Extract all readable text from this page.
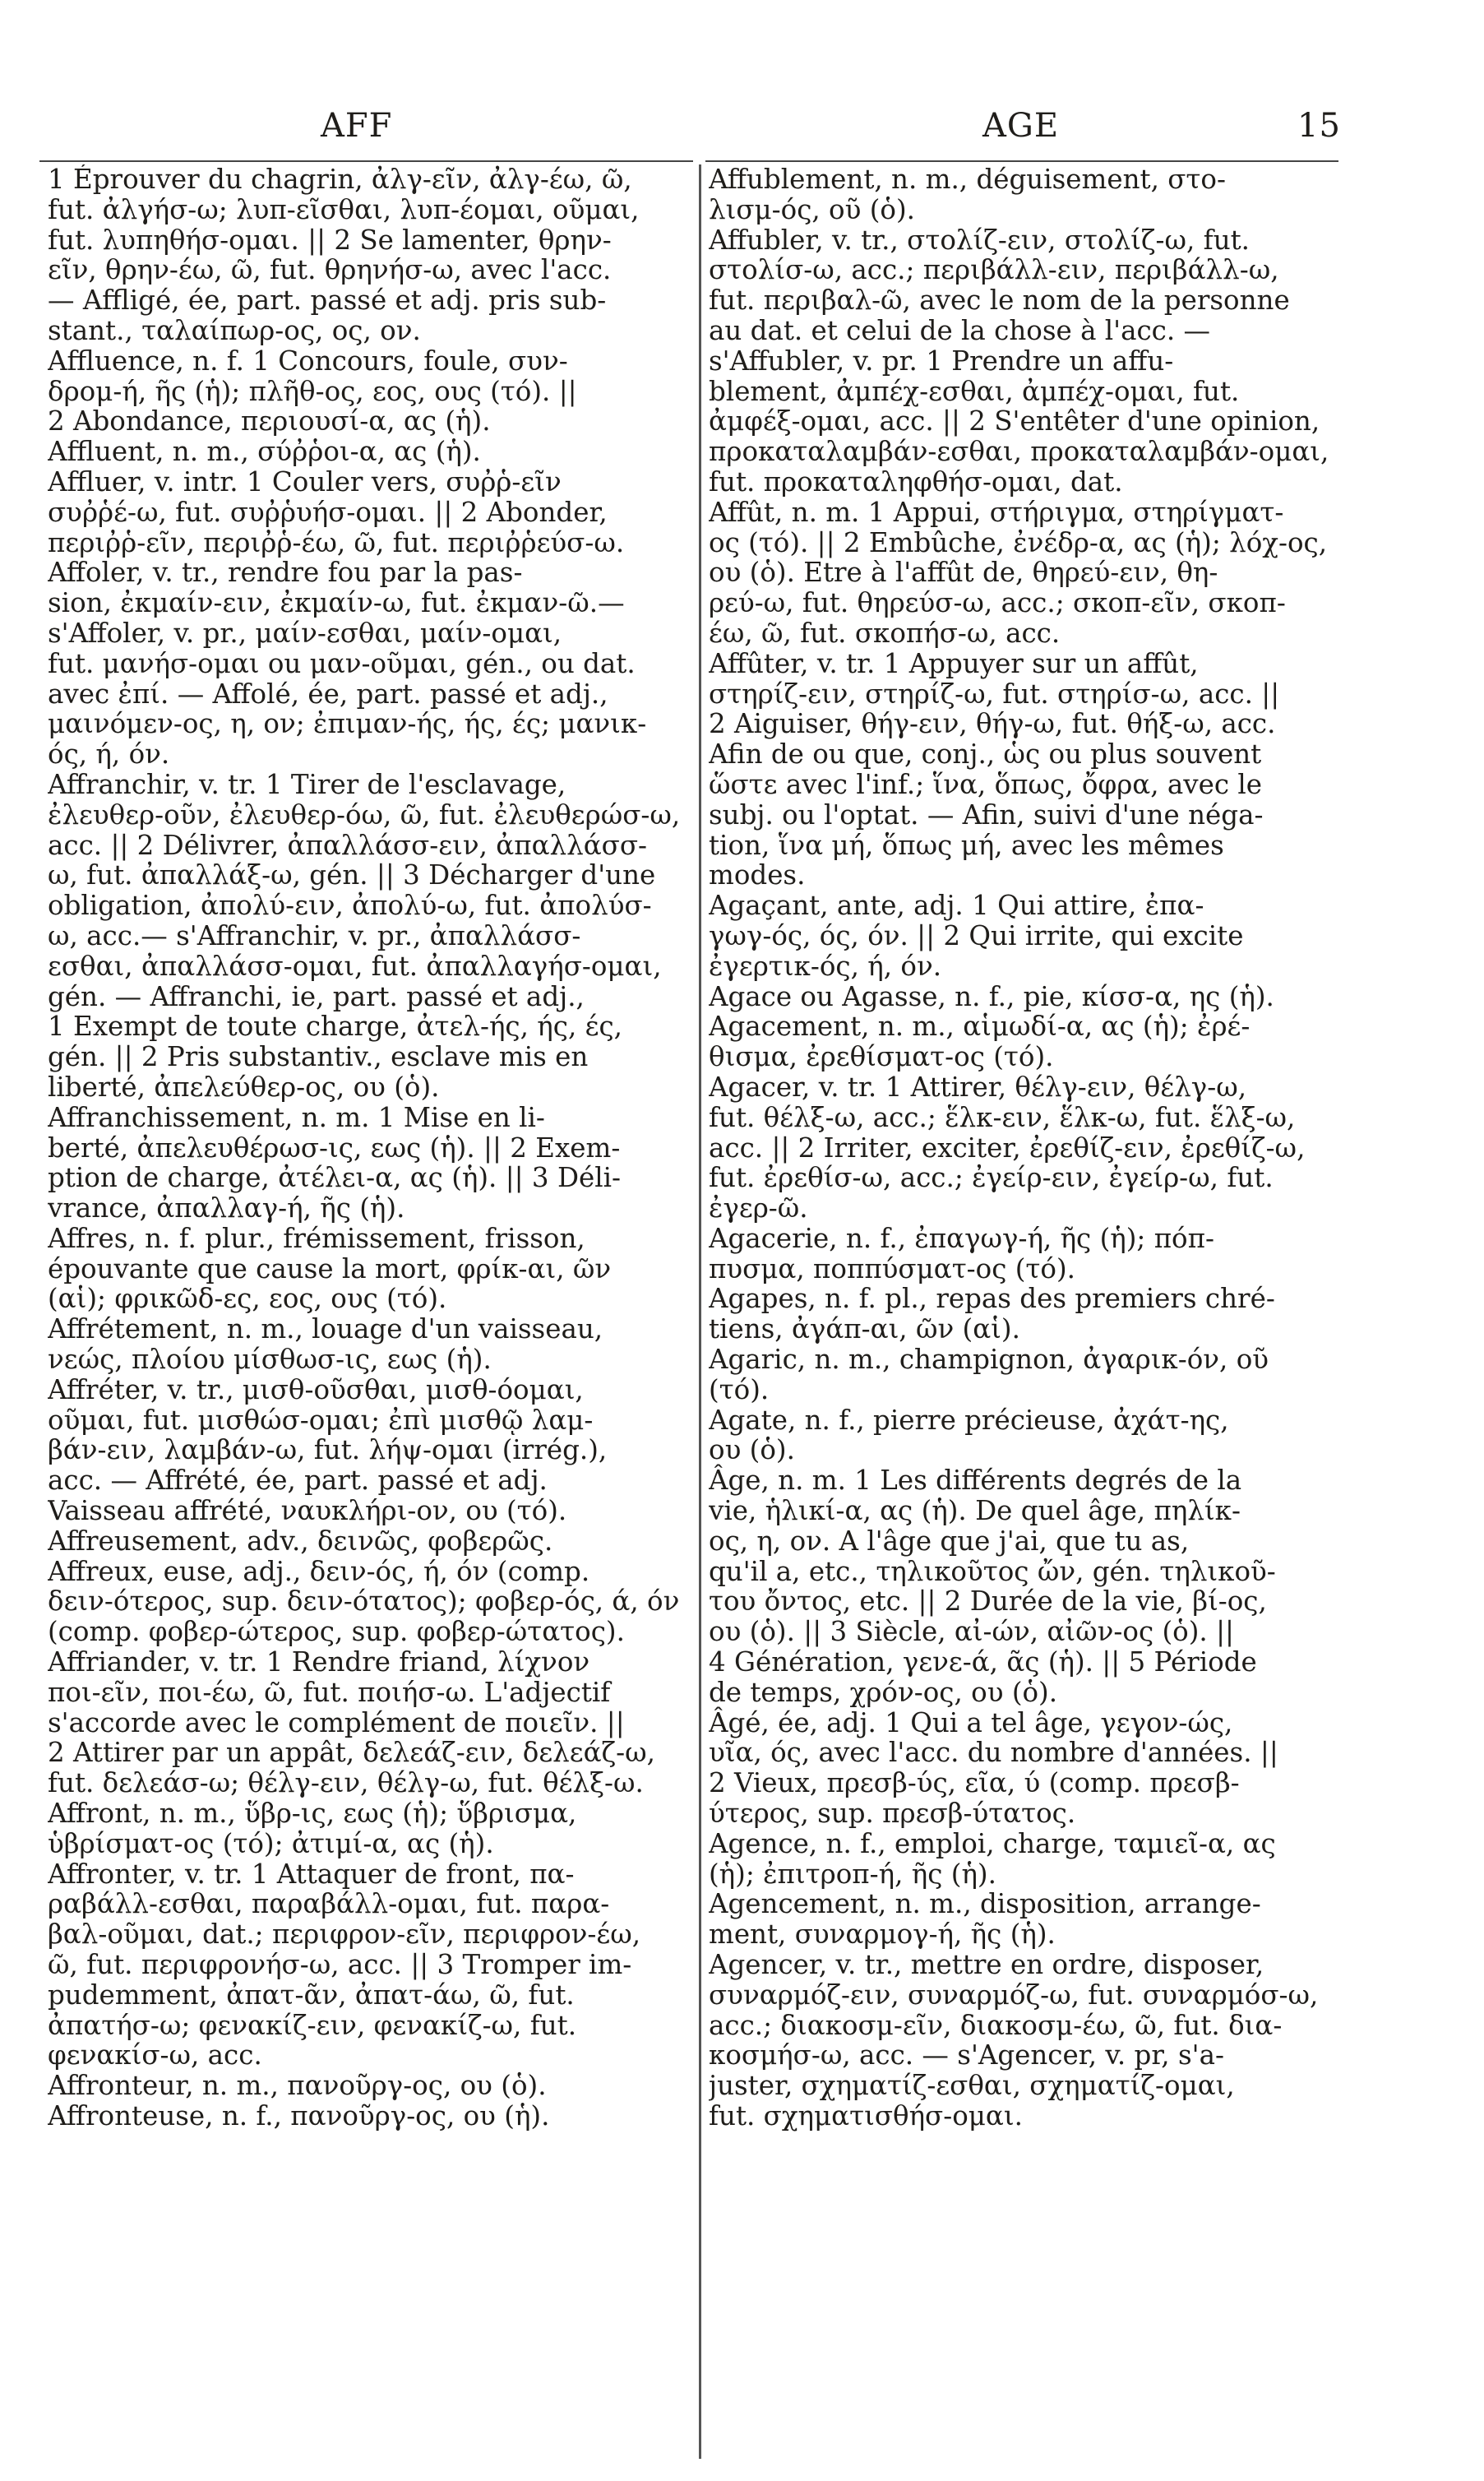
AFF	AGE	15
1 Éprouver du chagrin, ἀλγ-εῖν, ἀλγ-έω, ῶ,
fut. ἀλγήσ-ω; λυπ-εῖσθαι, λυπ-έομαι, οῦμαι,
fut. λυπηθήσ-ομαι. || 2 Se lamenter, θρην-
εῖν, θρην-έω, ῶ, fut. θρηνήσ-ω, avec l'acc.
— Affligé, ée, part. passé et adj. pris sub-
stant., ταλαίπωρ-ος, ος, ον.
Affluence, n. f. 1 Concours, foule, συν-
δρομ-ή, ῆς (ἡ); πλῆθ-ος, εος, ους (τό). ||
2 Abondance, περιουσί-α, ας (ἡ).
Affluent, n. m., σύῤῥοι-α, ας (ἡ).
Affluer, v. intr. 1 Couler vers, συῤῥ-εῖν
συῤῥέ-ω, fut. συῤῥυήσ-ομαι. || 2 Abonder,
περιῤῥ-εῖν, περιῤῥ-έω, ῶ, fut. περιῤῥεύσ-ω.
Affoler, v. tr., rendre fou par la pas-
sion, ἐκμαίν-ειν, ἐκμαίν-ω, fut. ἐκμαν-ῶ.—
s'Affoler, v. pr., μαίν-εσθαι, μαίν-ομαι,
fut. μανήσ-ομαι ou μαν-οῦμαι, gén., ou dat.
avec ἐπί. — Affolé, ée, part. passé et adj.,
μαινόμεν-ος, η, ον; ἐπιμαν-ής, ής, ές; μανικ-
ός, ή, όν.
Affranchir, v. tr. 1 Tirer de l'esclavage,
ἐλευθερ-οῦν, ἐλευθερ-όω, ῶ, fut. ἐλευθερώσ-ω,
acc. || 2 Délivrer, ἀπαλλάσσ-ειν, ἀπαλλάσσ-
ω, fut. ἀπαλλάξ-ω, gén. || 3 Décharger d'une
obligation, ἀπολύ-ειν, ἀπολύ-ω, fut. ἀπολύσ-
ω, acc.— s'Affranchir, v. pr., ἀπαλλάσσ-
εσθαι, ἀπαλλάσσ-ομαι, fut. ἀπαλλαγήσ-ομαι,
gén. — Affranchi, ie, part. passé et adj.,
1 Exempt de toute charge, ἀτελ-ής, ής, ές,
gén. || 2 Pris substantiv., esclave mis en
liberté, ἀπελεύθερ-ος, ου (ὁ).
Affranchissement, n. m. 1 Mise en li-
berté, ἀπελευθέρωσ-ις, εως (ἡ). || 2 Exem-
ption de charge, ἀτέλει-α, ας (ἡ). || 3 Déli-
vrance, ἀπαλλαγ-ή, ῆς (ἡ).
Affres, n. f. plur., frémissement, frisson,
épouvante que cause la mort, φρίκ-αι, ῶν
(αἱ); φρικῶδ-ες, εος, ους (τό).
Affrétement, n. m., louage d'un vaisseau,
νεώς, πλοίου μίσθωσ-ις, εως (ἡ).
Affréter, v. tr., μισθ-οῦσθαι, μισθ-όομαι,
οῦμαι, fut. μισθώσ-ομαι; ἐπὶ μισθῷ λαμ-
βάν-ειν, λαμβάν-ω, fut. λήψ-ομαι (irrég.),
acc. — Affrété, ée, part. passé et adj.
Vaisseau affrété, ναυκλήρι-ον, ου (τό).
Affreusement, adv., δεινῶς, φοβερῶς.
Affreux, euse, adj., δειν-ός, ή, όν (comp.
δειν-ότερος, sup. δειν-ότατος); φοβερ-ός, ά, όν
(comp. φοβερ-ώτερος, sup. φοβερ-ώτατος).
Affriander, v. tr. 1 Rendre friand, λίχνον
ποι-εῖν, ποι-έω, ῶ, fut. ποιήσ-ω. L'adjectif
s'accorde avec le complément de ποιεῖν. ||
2 Attirer par un appât, δελεάζ-ειν, δελεάζ-ω,
fut. δελεάσ-ω; θέλγ-ειν, θέλγ-ω, fut. θέλξ-ω.
Affront, n. m., ὕβρ-ις, εως (ἡ); ὕβρισμα,
ὑβρίσματ-ος (τό); ἀτιμί-α, ας (ἡ).
Affronter, v. tr. 1 Attaquer de front, πα-
ραβάλλ-εσθαι, παραβάλλ-ομαι, fut. παρα-
βαλ-οῦμαι, dat.; περιφρον-εῖν, περιφρον-έω,
ῶ, fut. περιφρονήσ-ω, acc. || 3 Tromper im-
pudemment, ἀπατ-ᾶν, ἀπατ-άω, ῶ, fut.
ἀπατήσ-ω; φενακίζ-ειν, φενακίζ-ω, fut.
φενακίσ-ω, acc.
Affronteur, n. m., πανοῦργ-ος, ου (ὁ).
Affronteuse, n. f., πανοῦργ-ος, ου (ἡ).
Affublement, n. m., déguisement, στο-
λισμ-ός, οῦ (ὁ).
Affubler, v. tr., στολίζ-ειν, στολίζ-ω, fut.
στολίσ-ω, acc.; περιβάλλ-ειν, περιβάλλ-ω,
fut. περιβαλ-ῶ, avec le nom de la personne
au dat. et celui de la chose à l'acc. —
s'Affubler, v. pr. 1 Prendre un affu-
blement, ἀμπέχ-εσθαι, ἀμπέχ-ομαι, fut.
ἀμφέξ-ομαι, acc. || 2 S'entêter d'une opinion,
προκαταλαμβάν-εσθαι, προκαταλαμβάν-ομαι,
fut. προκαταληφθήσ-ομαι, dat.
Affût, n. m. 1 Appui, στήριγμα, στηρίγματ-
ος (τό). || 2 Embûche, ἐνέδρ-α, ας (ἡ); λόχ-ος,
ου (ὁ). Etre à l'affût de, θηρεύ-ειν, θη-
ρεύ-ω, fut. θηρεύσ-ω, acc.; σκοπ-εῖν, σκοπ-
έω, ῶ, fut. σκοπήσ-ω, acc.
Affûter, v. tr. 1 Appuyer sur un affût,
στηρίζ-ειν, στηρίζ-ω, fut. στηρίσ-ω, acc. ||
2 Aiguiser, θήγ-ειν, θήγ-ω, fut. θήξ-ω, acc.
Afin de ou que, conj., ὡς ou plus souvent
ὥστε avec l'inf.; ἵνα, ὅπως, ὄφρα, avec le
subj. ou l'optat. — Afin, suivi d'une néga-
tion, ἵνα μή, ὅπως μή, avec les mêmes
modes.
Agaçant, ante, adj. 1 Qui attire, ἐπα-
γωγ-ός, ός, όν. || 2 Qui irrite, qui excite
ἐγερτικ-ός, ή, όν.
Agace ou Agasse, n. f., pie, κίσσ-α, ης (ἡ).
Agacement, n. m., αἱμωδί-α, ας (ἡ); ἐρέ-
θισμα, ἐρεθίσματ-ος (τό).
Agacer, v. tr. 1 Attirer, θέλγ-ειν, θέλγ-ω,
fut. θέλξ-ω, acc.; ἕλκ-ειν, ἕλκ-ω, fut. ἕλξ-ω,
acc. || 2 Irriter, exciter, ἐρεθίζ-ειν, ἐρεθίζ-ω,
fut. ἐρεθίσ-ω, acc.; ἐγείρ-ειν, ἐγείρ-ω, fut.
ἐγερ-ῶ.
Agacerie, n. f., ἐπαγωγ-ή, ῆς (ἡ); πόπ-
πυσμα, ποππύσματ-ος (τό).
Agapes, n. f. pl., repas des premiers chré-
tiens, ἀγάπ-αι, ῶν (αἱ).
Agaric, n. m., champignon, ἀγαρικ-όν, οῦ
(τό).
Agate, n. f., pierre précieuse, ἀχάτ-ης,
ου (ὁ).
Âge, n. m. 1 Les différents degrés de la
vie, ἡλικί-α, ας (ἡ). De quel âge, πηλίκ-
ος, η, ον. A l'âge que j'ai, que tu as,
qu'il a, etc., τηλικοῦτος ὤν, gén. τηλικοῦ-
του ὄντος, etc. || 2 Durée de la vie, βί-ος,
ου (ὁ). || 3 Siècle, αἰ-ών, αἰῶν-ος (ὁ). ||
4 Génération, γενε-ά, ᾶς (ἡ). || 5 Période
de temps, χρόν-ος, ου (ὁ).
Âgé, ée, adj. 1 Qui a tel âge, γεγον-ώς,
υῖα, ός, avec l'acc. du nombre d'années. ||
2 Vieux, πρεσβ-ύς, εῖα, ύ (comp. πρεσβ-
ύτερος, sup. πρεσβ-ύτατος.
Agence, n. f., emploi, charge, ταμιεῖ-α, ας
(ἡ); ἐπιτροπ-ή, ῆς (ἡ).
Agencement, n. m., disposition, arrange-
ment, συναρμογ-ή, ῆς (ἡ).
Agencer, v. tr., mettre en ordre, disposer,
συναρμόζ-ειν, συναρμόζ-ω, fut. συναρμόσ-ω,
acc.; διακοσμ-εῖν, διακοσμ-έω, ῶ, fut. δια-
κοσμήσ-ω, acc. — s'Agencer, v. pr, s'a-
juster, σχηματίζ-εσθαι, σχηματίζ-ομαι,
fut. σχηματισθήσ-ομαι.
